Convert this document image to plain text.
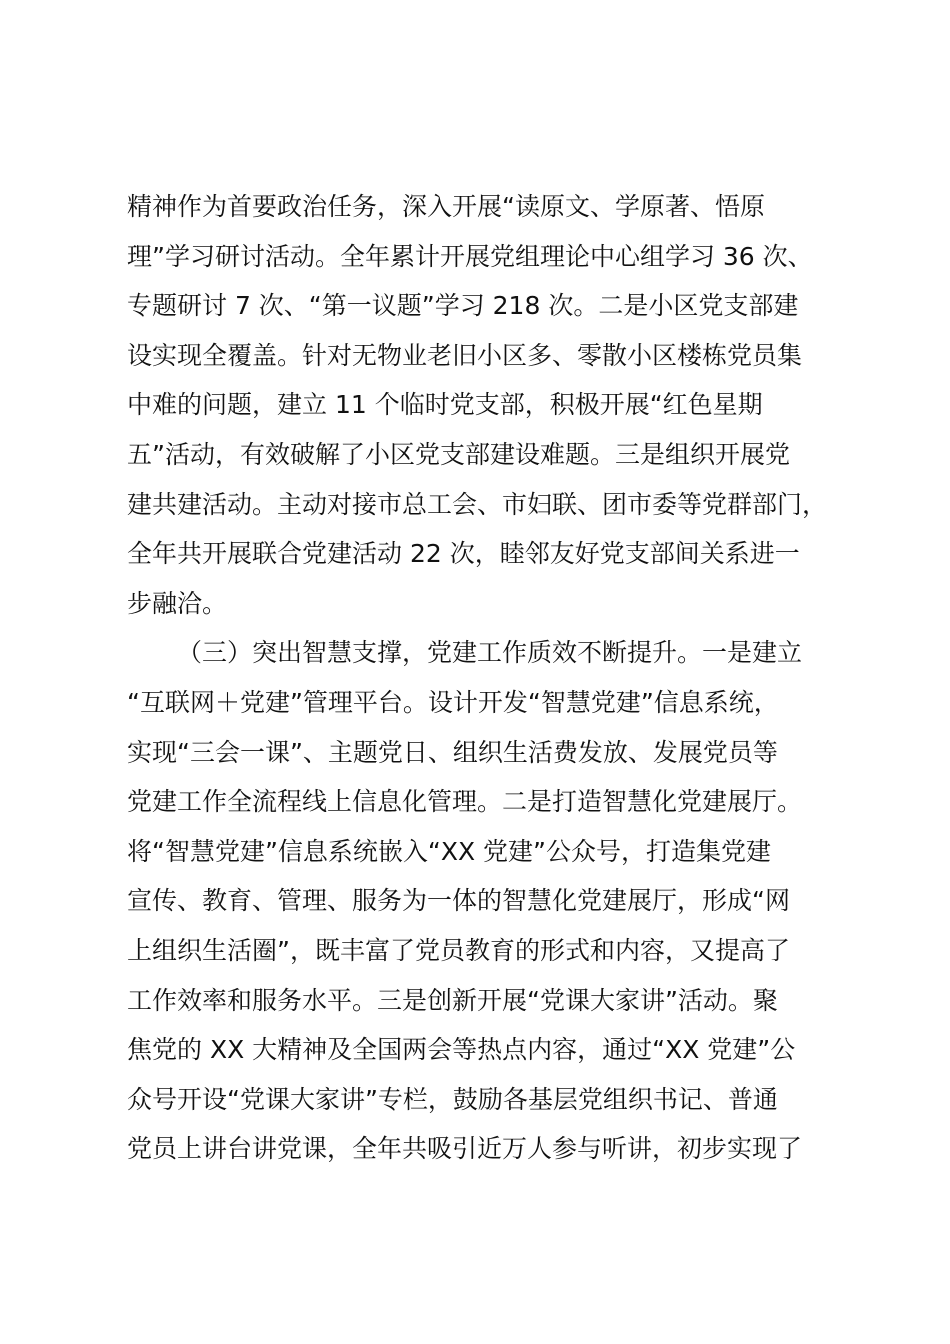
精神作为首要政治任务，深入开展“读原文、学原著、悟原
理”学习研讨活动。全年累计开展党组理论中心组学习 36 次、
专题研讨 7 次、“第一议题”学习 218 次。二是小区党支部建
设实现全覆盖。针对无物业老旧小区多、零散小区楼栋党员集
中难的问题，建立 11 个临时党支部，积极开展“红色星期
五”活动，有效破解了小区党支部建设难题。三是组织开展党
建共建活动。主动对接市总工会、市妇联、团市委等党群部门，
全年共开展联合党建活动 22 次，睦邻友好党支部间关系进一
步融洽。
（三）突出智慧支撑，党建工作质效不断提升。一是建立
“互联网＋党建”管理平台。设计开发“智慧党建”信息系统，
实现“三会一课”、主题党日、组织生活费发放、发展党员等
党建工作全流程线上信息化管理。二是打造智慧化党建展厅。
将“智慧党建”信息系统嵌入“XX 党建”公众号，打造集党建
宣传、教育、管理、服务为一体的智慧化党建展厅，形成“网
上组织生活圈”，既丰富了党员教育的形式和内容，又提高了
工作效率和服务水平。三是创新开展“党课大家讲”活动。聚
焦党的 XX 大精神及全国两会等热点内容，通过“XX 党建”公
众号开设“党课大家讲”专栏，鼓励各基层党组织书记、普通
党员上讲台讲党课，全年共吸引近万人参与听讲，初步实现了
